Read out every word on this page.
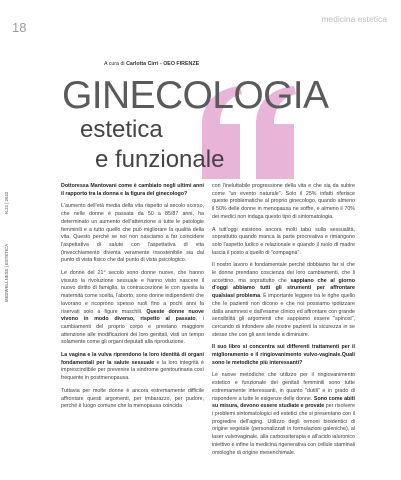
18
medicina estetica
MEDWELLNESS | ESTETICA
N.21 | 2022
A cura di Carlotta Cirri - OEO FIRENZE
GINECOLOGIA
estetica
e funzionale

Dottoressa Mantovani come è cambiato negli ultimi anni il rapporto tra la donna e la figura del ginecologo?

L'aumento dell'età media della vita rispetto al secolo scorso, che nelle donne è passata da 50 a 85/87 anni, ha determinato un aumento dell'attenzione a tutte le patologie femminili e a tutto quello che può migliorare la qualità della vita. Questo perché se noi non nasciamo a far coincidere l'aspettativa di salute con l'aspettativa di vita (invecchiamento diventa veramente insostenibile sia dal punto di vista fisico che dal punto di vista psicologico.

Le donne del 21° secolo sono donne nuove, che hanno vissuto la rivoluzione sessuale e hanno visto nascere il nuovo diritto di famiglia, la contraccezione le con questa la maternità come scelta, l'aborto, sono donne indipendenti che lavorano e ricoprono spesso ruoli fino a pochi anni fa riservati solo a figure maschili. Queste donne nuove vivono in modo diverso, rispetto al passato, i cambiamenti del proprio corpo e prestano maggiore attenzione alle modificazioni dei loro genitali, visti un tempo solamente come gli organi deputati alla riproduzione.

La vagina e la vulva riprendono la loro identità di organi fondamentali per la salute sessuale e la loro integrità è imprescindibile per prevenire la sindrome genitourinaria così frequente in postmenopausa.

Tuttavia per molte donne è ancora estremamente difficile affrontare questi argomenti, per imbarazzo, per pudore, perché è luogo comune che la menopausa coincida

con l'ineluttabile progressione della vita e che sia da subire come "un evento naturale". Solo il 25% infatti riferisce queste problematiche al proprio ginecologo, quando almeno il 50% delle donne in menopausa ne soffre, e almeno il 70% dei medici non indaga questo tipo di sintomatologia.

A tutt'oggi esistono ancora molti tabù sulla sessualità, soprattutto quando manca la parte procreativa e rimangono solo l'aspetto ludico e relazionale e quando il ruolo di madre lascia il posto a quello di "compagna".

Il nostro lavoro è fondamentale perché dobbiamo far sì che le donne prendano coscienza dei loro cambiamenti, che li accettino, ma soprattutto che sappiano che al giorno d'oggi abbiamo tutti gli strumenti per affrontare qualsiasi problema. È importante leggere tra le righe quello che le pazienti non dicono e che noi possiamo ipotizzare dalla anamnesi e dall'esame clinico ed affrontare con grande sensibilità gli argomenti che sappiamo essere "spinosi", cercando di infondere alle nostre pazienti la sicurezza in se stesse che con gli anni tende a diminuire.

Il suo libro si concentra sui differenti trattamenti per il miglioramento e il ringiovanimento vulvo-vaginale.Quali sono le metodiche più interessanti?

Le nuove metodiche che utilizzo per il ringiovanimento estetico e funzionale dei genitali femminili sono tutte estremamente interessanti, in quanto "dutili" e in grado di rispondere a tutte le esigenze delle donne. Sono come abiti su misura, devono essere studiate e provate per risolvere i problemi sintomatologici ed estetici che si presentano con il progredire dell'aging. Utilizzo degli ormoni bioidentici di origine vegetale (personalizzati in formulazioni galeniche), al laser vulvovaginale, alla carbossiterapia e all'acido ialuronico iniettivo e infine la medicina rigenerativa con cellule staminali omologhe di origine mesenchimale.
